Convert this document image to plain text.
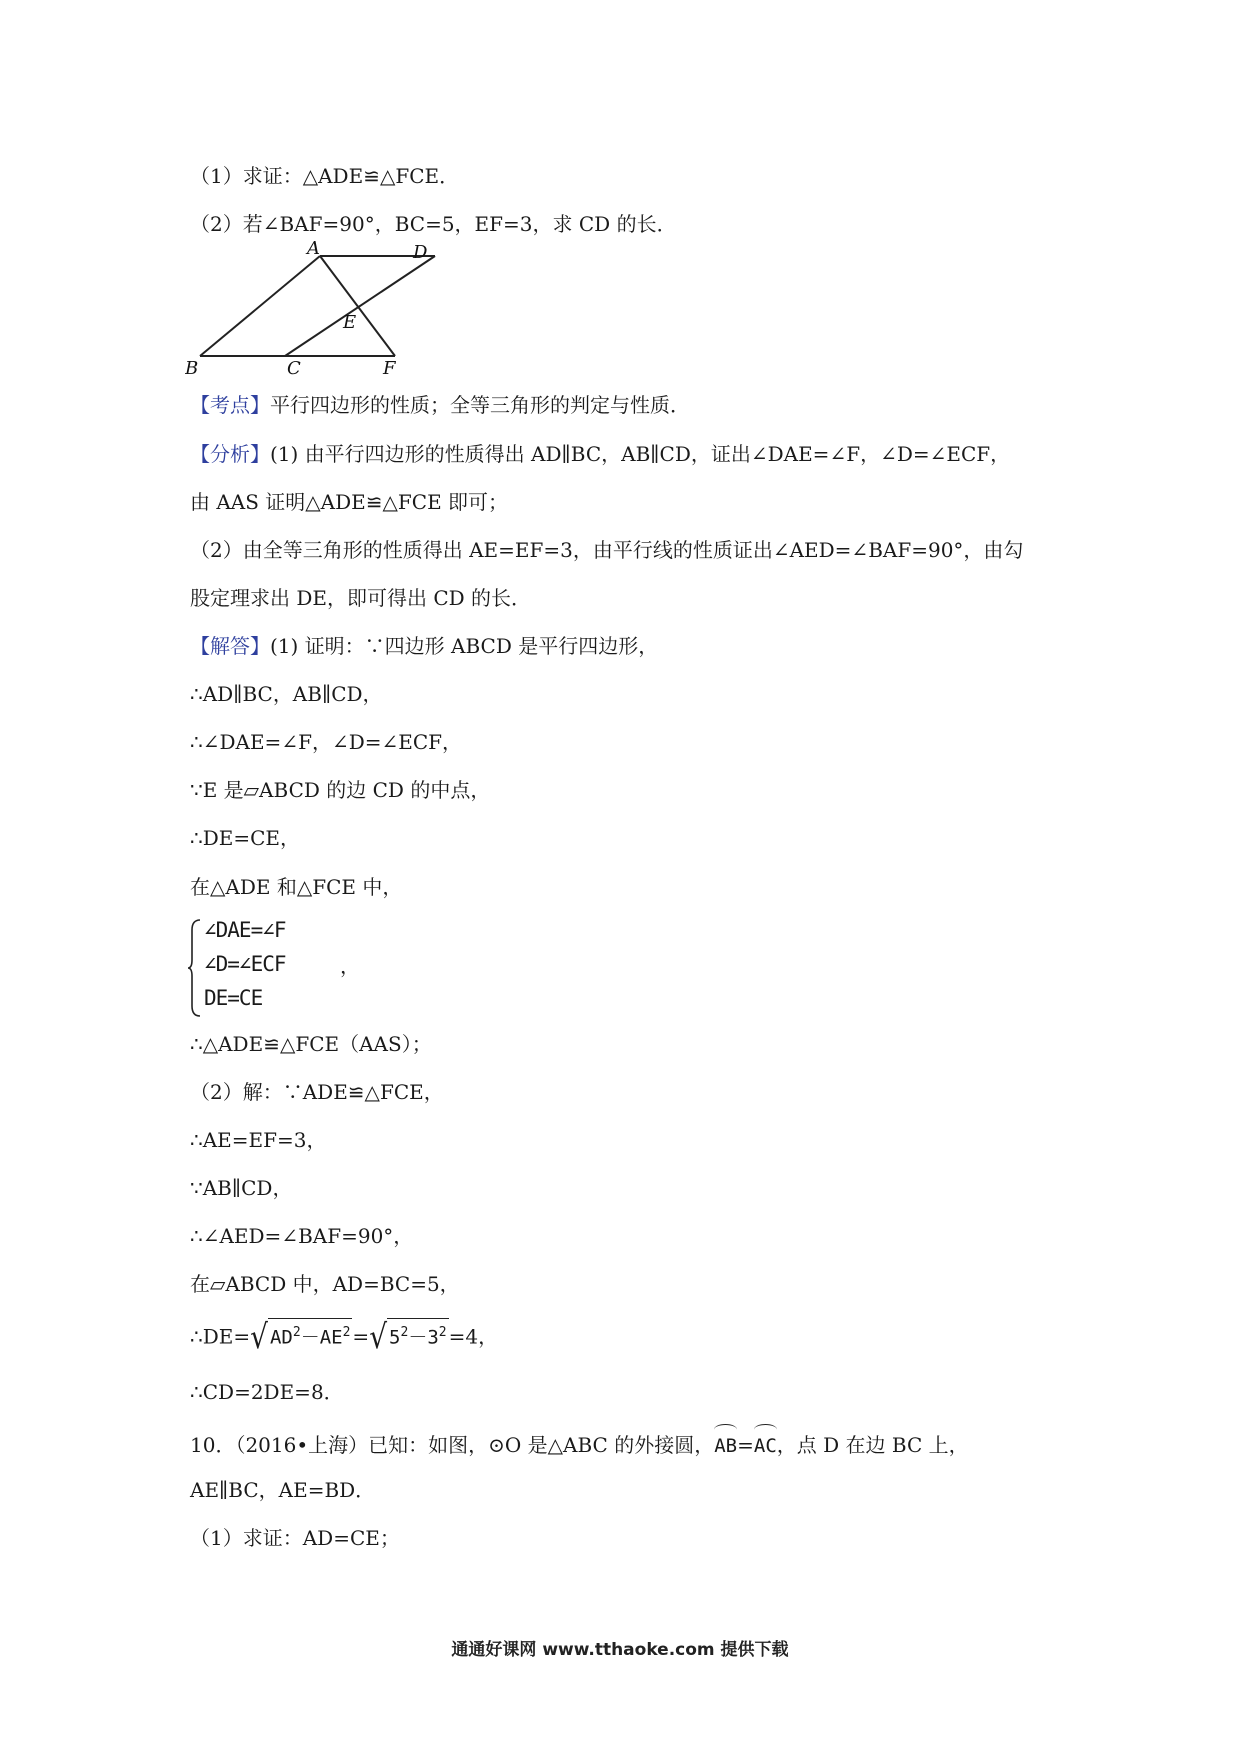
（1）求证：△ADE≌△FCE．
（2）若∠BAF=90°，BC=5，EF=3，求 CD 的长．
A	D
E
B	C	F
【考点】平行四边形的性质；全等三角形的判定与性质．
【分析】(1) 由平行四边形的性质得出 AD∥BC，AB∥CD，证出∠DAE=∠F，∠D=∠ECF，
由 AAS 证明△ADE≌△FCE 即可；
（2）由全等三角形的性质得出 AE=EF=3，由平行线的性质证出∠AED=∠BAF=90°，由勾
股定理求出 DE，即可得出 CD 的长．
【解答】(1) 证明：∵四边形 ABCD 是平行四边形，
∴AD∥BC，AB∥CD，
∴∠DAE=∠F，∠D=∠ECF，
∵E 是▱ABCD 的边 CD 的中点，
∴DE=CE，
在△ADE 和△FCE 中，
∠DAE=∠F
∠D=∠ECF
DE=CE
，
∴△ADE≌△FCE（AAS）；
（2）解：∵ADE≌△FCE，
∴AE=EF=3，
∵AB∥CD，
∴∠AED=∠BAF=90°，
在▱ABCD 中，AD=BC=5，
∴DE=√ $AD^2-AE^2$ =√ $5^2-3^2 =4$，
∴CD=2DE=8．
10．（2016•上海）已知：如图，⊙O 是△ABC 的外接圆，AB=AC，点 D 在边 BC 上，
AE∥BC，AE=BD．
（1）求证：AD=CE；
通通好课网 www.tthaoke.com 提供下载
